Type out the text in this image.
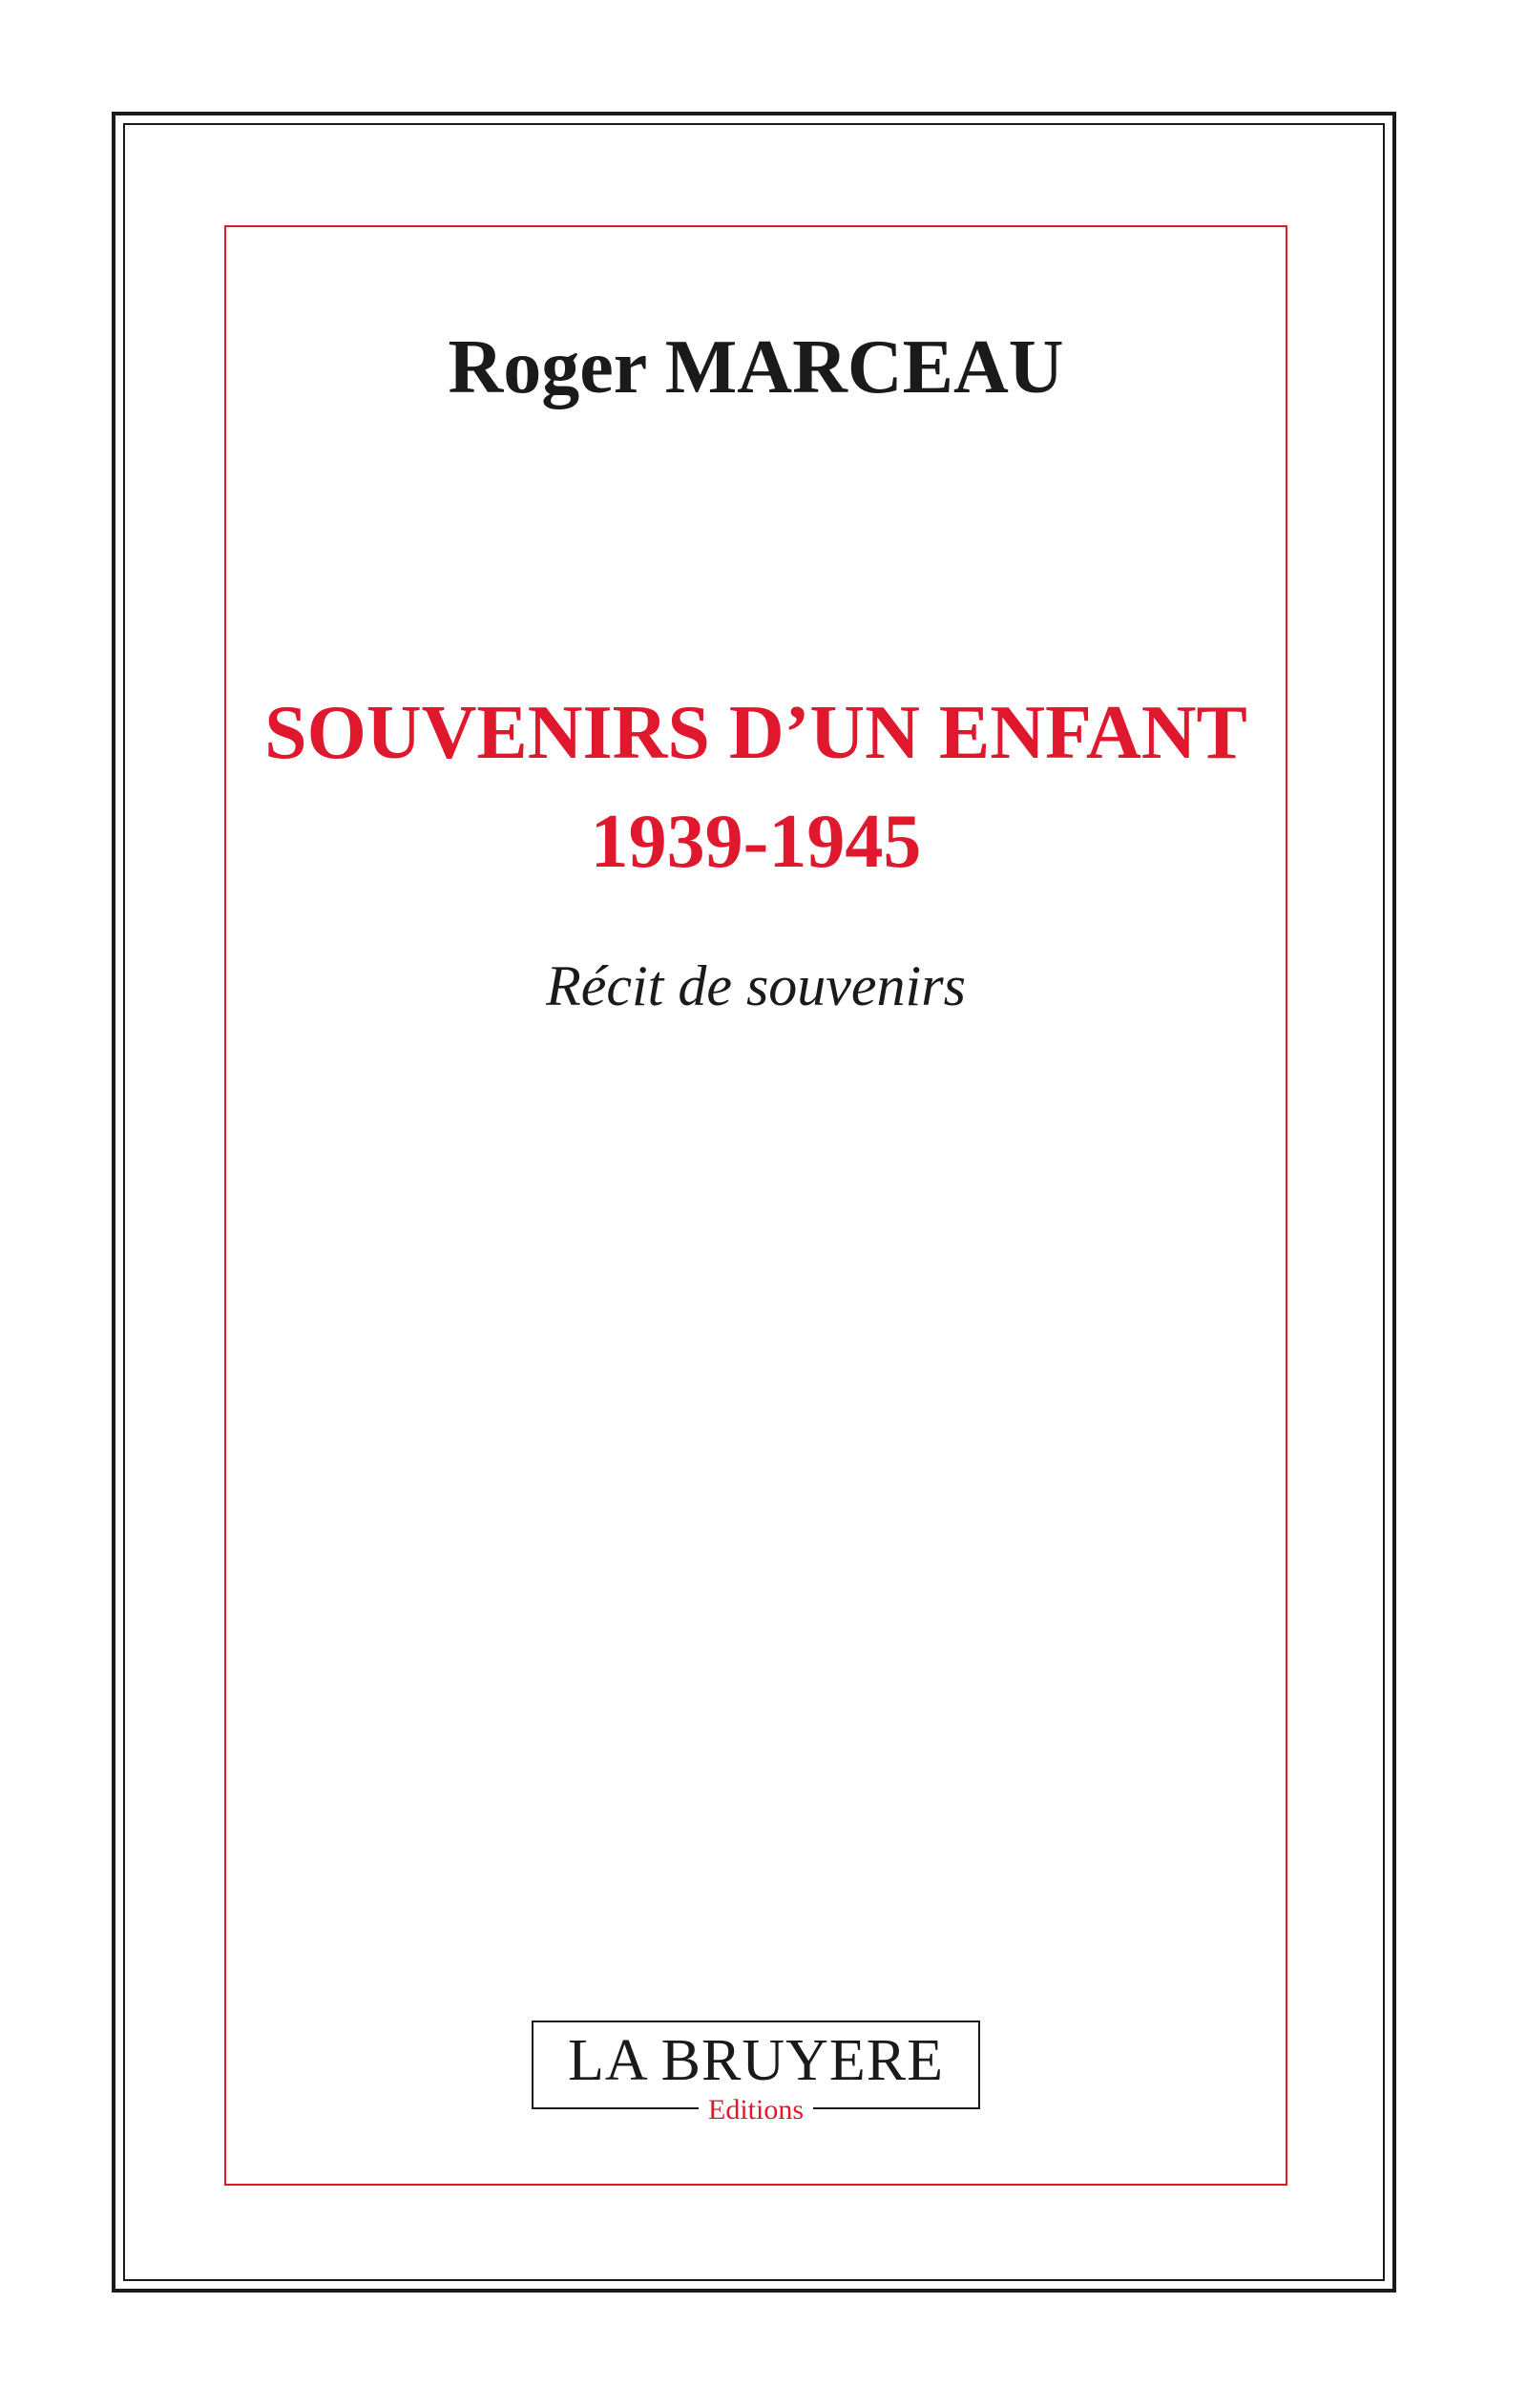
Roger MARCEAU
SOUVENIRS D’UN ENFANT
1939-1945
Récit de souvenirs
LA BRUYERE
Editions
